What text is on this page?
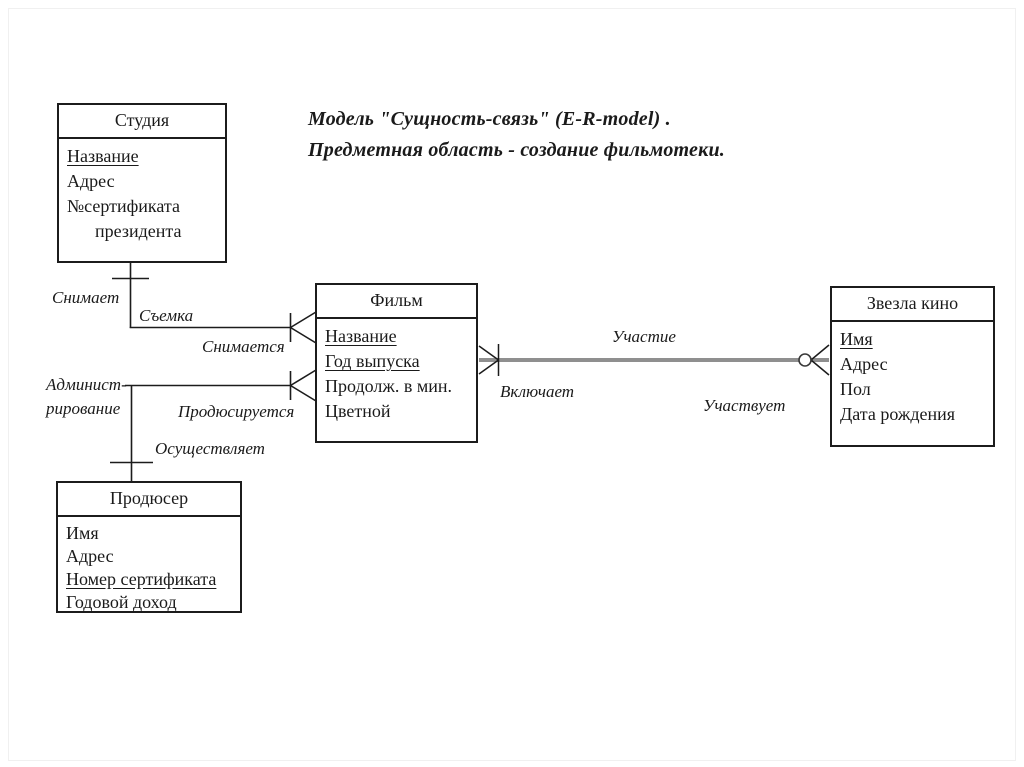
Модель "Сущность-связь" (E-R-model) .
Предметная область - создание фильмотеки.
Студия
Название
Адрес
№сертификата
президента
Фильм
Название
Год выпуска
Продолж. в мин.
Цветной
Звезла кино
Имя
Адрес
Пол
Дата рождения
Продюсер
Имя
Адрес
Номер сертификата
Годовой доход
Снимает
Съемка
Снимается
Админист-
рирование	Продюсируется
Осуществляет
Участие
Включает
Участвует
